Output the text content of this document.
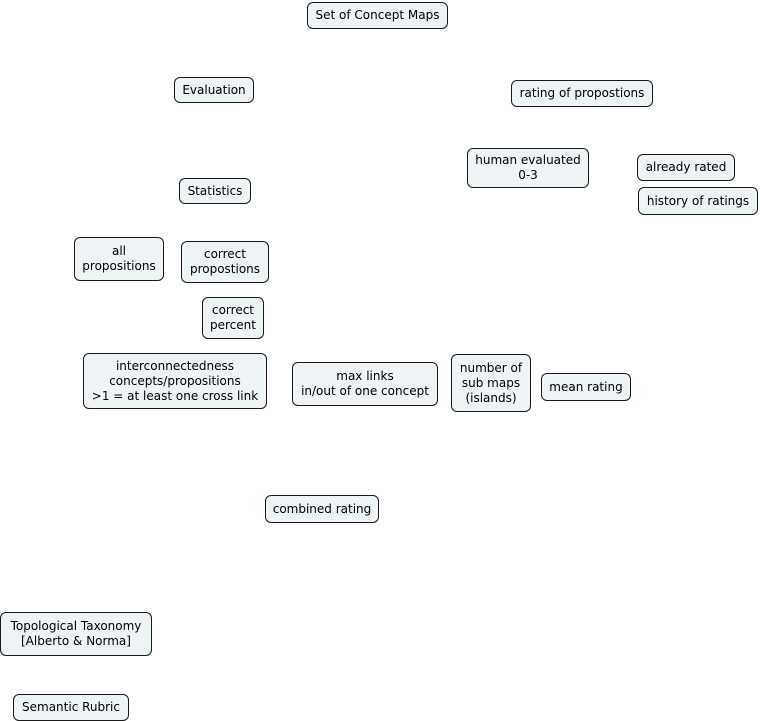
Set of Concept Maps
Evaluation	rating of propostions
human evaluated
0-3
already rated
history of ratings
Statistics
all
propositions
correct
propostions
correct
percent
interconnectedness
concepts/propositions
>1 = at least one cross link
max links
in/out of one concept
number of
sub maps
(islands)
mean rating
combined rating
Topological Taxonomy
[Alberto & Norma]
Semantic Rubric
